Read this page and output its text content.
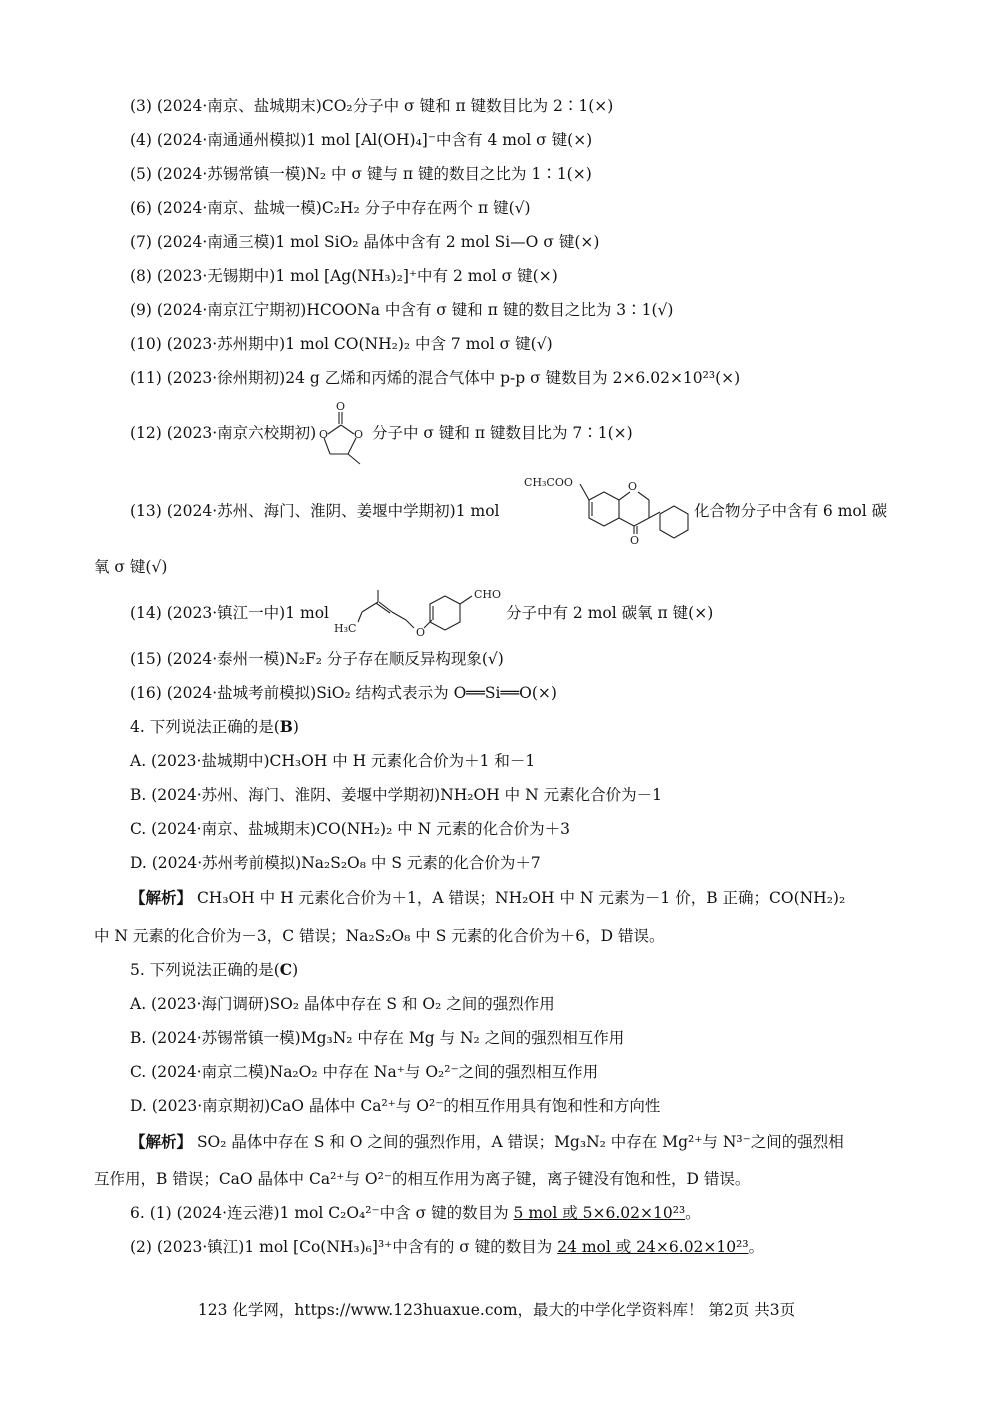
(3) (2024·南京、盐城期末)CO₂分子中 σ 键和 π 键数目比为 2∶1(×)
(4) (2024·南通通州模拟)1 mol [Al(OH)₄]⁻中含有 4 mol σ 键(×)
(5) (2024·苏锡常镇一模)N₂ 中 σ 键与 π 键的数目之比为 1∶1(×)
(6) (2024·南京、盐城一模)C₂H₂ 分子中存在两个 π 键(√)
(7) (2024·南通三模)1 mol SiO₂ 晶体中含有 2 mol Si—O σ 键(×)
(8) (2023·无锡期中)1 mol [Ag(NH₃)₂]⁺中有 2 mol σ 键(×)
(9) (2024·南京江宁期初)HCOONa 中含有 σ 键和 π 键的数目之比为 3∶1(√)
(10) (2023·苏州期中)1 mol CO(NH₂)₂ 中含 7 mol σ 键(√)
(11) (2023·徐州期初)24 g 乙烯和丙烯的混合气体中 p-p σ 键数目为 2×6.02×10²³(×)
(12) (2023·南京六校期初)
O
O O 分子中 σ 键和 π 键数目比为 7∶1(×)
(13) (2024·苏州、海门、淮阴、姜堰中学期初)1 mol
CH₃COO	O
O
化合物分子中含有 6 mol 碳
氧 σ 键(√)
(14) (2023·镇江一中)1 mol
H₃C	O
CHO
分子中有 2 mol 碳氧 π 键(×)
(15) (2024·泰州一模)N₂F₂ 分子存在顺反异构现象(√)
(16) (2024·盐城考前模拟)SiO₂ 结构式表示为 O══Si══O(×)
4. 下列说法正确的是(B)
A. (2023·盐城期中)CH₃OH 中 H 元素化合价为＋1 和－1
B. (2024·苏州、海门、淮阴、姜堰中学期初)NH₂OH 中 N 元素化合价为－1
C. (2024·南京、盐城期末)CO(NH₂)₂ 中 N 元素的化合价为＋3
D. (2024·苏州考前模拟)Na₂S₂O₈ 中 S 元素的化合价为＋7
【解析】 CH₃OH 中 H 元素化合价为＋1，A 错误；NH₂OH 中 N 元素为－1 价，B 正确；CO(NH₂)₂
中 N 元素的化合价为－3，C 错误；Na₂S₂O₈ 中 S 元素的化合价为＋6，D 错误。
5. 下列说法正确的是(C)
A. (2023·海门调研)SO₂ 晶体中存在 S 和 O₂ 之间的强烈作用
B. (2024·苏锡常镇一模)Mg₃N₂ 中存在 Mg 与 N₂ 之间的强烈相互作用
C. (2024·南京二模)Na₂O₂ 中存在 Na⁺与 O₂²⁻之间的强烈相互作用
D. (2023·南京期初)CaO 晶体中 Ca²⁺与 O²⁻的相互作用具有饱和性和方向性
【解析】 SO₂ 晶体中存在 S 和 O 之间的强烈作用，A 错误；Mg₃N₂ 中存在 Mg²⁺与 N³⁻之间的强烈相
互作用，B 错误；CaO 晶体中 Ca²⁺与 O²⁻的相互作用为离子键，离子键没有饱和性，D 错误。
6. (1) (2024·连云港)1 mol C₂O₄²⁻中含 σ 键的数目为 5 mol 或 5×6.02×10²³。
(2) (2023·镇江)1 mol [Co(NH₃)₆]³⁺中含有的 σ 键的数目为 24 mol 或 24×6.02×10²³。
123 化学网，https://www.123huaxue.com，最大的中学化学资料库！ 第2页 共3页
